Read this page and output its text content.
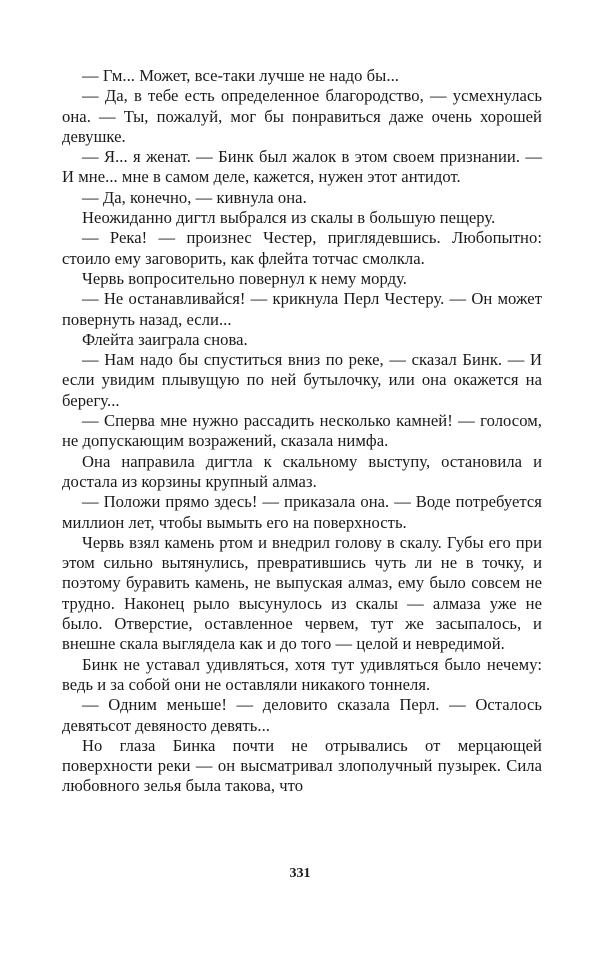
— Гм... Может, все-таки лучше не надо бы...

— Да, в тебе есть определенное благородство, — усмехнулась она. — Ты, пожалуй, мог бы понравиться даже очень хорошей девушке.

— Я... я женат. — Бинк был жалок в этом своем признании. — И мне... мне в самом деле, кажется, нужен этот антидот.

— Да, конечно, — кивнула она.

Неожиданно дигтл выбрался из скалы в большую пещеру.

— Река! — произнес Честер, приглядевшись. Любопытно: стоило ему заговорить, как флейта тотчас смолкла.

Червь вопросительно повернул к нему морду.

— Не останавливайся! — крикнула Перл Честеру. — Он может повернуть назад, если...

Флейта заиграла снова.

— Нам надо бы спуститься вниз по реке, — сказал Бинк. — И если увидим плывущую по ней бутылочку, или она окажется на берегу...

— Сперва мне нужно рассадить несколько камней! — голосом, не допускающим возражений, сказала нимфа.

Она направила дигтла к скальному выступу, остановила и достала из корзины крупный алмаз.

— Положи прямо здесь! — приказала она. — Воде потребуется миллион лет, чтобы вымыть его на поверхность.

Червь взял камень ртом и внедрил голову в скалу. Губы его при этом сильно вытянулись, превратившись чуть ли не в точку, и поэтому буравить камень, не выпуская алмаз, ему было совсем не трудно. Наконец рыло высунулось из скалы — алмаза уже не было. Отверстие, оставленное червем, тут же засыпалось, и внешне скала выглядела как и до того — целой и невредимой.

Бинк не уставал удивляться, хотя тут удивляться было нечему: ведь и за собой они не оставляли никакого тоннеля.

— Одним меньше! — деловито сказала Перл. — Осталось девятьсот девяносто девять...

Но глаза Бинка почти не отрывались от мерцающей поверхности реки — он высматривал злополучный пузырек. Сила любовного зелья была такова, что

331
